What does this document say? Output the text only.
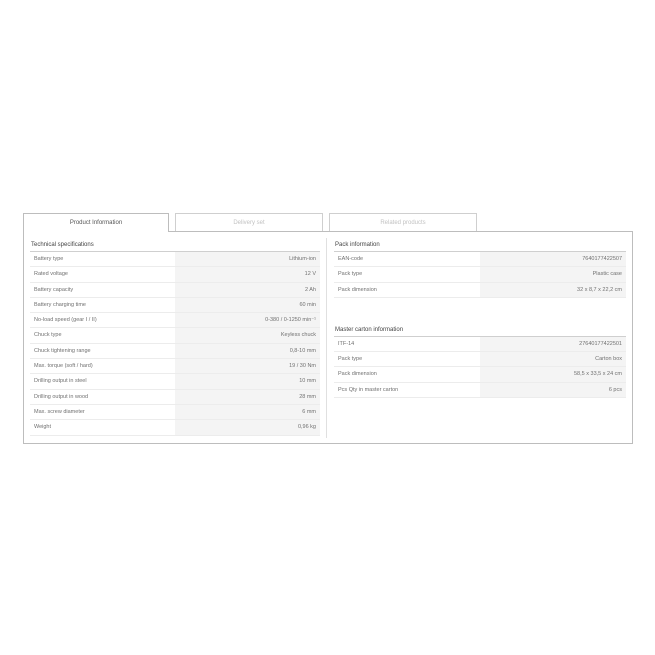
Product Information	Delivery set	Related products
Technical specifications
Battery type	Lithium-ion
Rated voltage	12 V
Battery capacity	2 Ah
Battery charging time	60 min
No-load speed (gear I / II)	0-380 / 0-1250 min⁻¹
Chuck type	Keyless chuck
Chuck tightening range	0,8-10 mm
Max. torque (soft / hard)	19 / 30 Nm
Drilling output in steel	10 mm
Drilling output in wood	28 mm
Max. screw diameter	6 mm
Weight	0,96 kg
Pack information
EAN-code	7640177422507
Pack type	Plastic case
Pack dimension	32 x 8,7 x 22,2 cm
Master carton information
ITF-14	27640177422501
Pack type	Carton box
Pack dimension	58,5 x 33,5 x 24 cm
Pcs Qty in master carton	6 pcs
